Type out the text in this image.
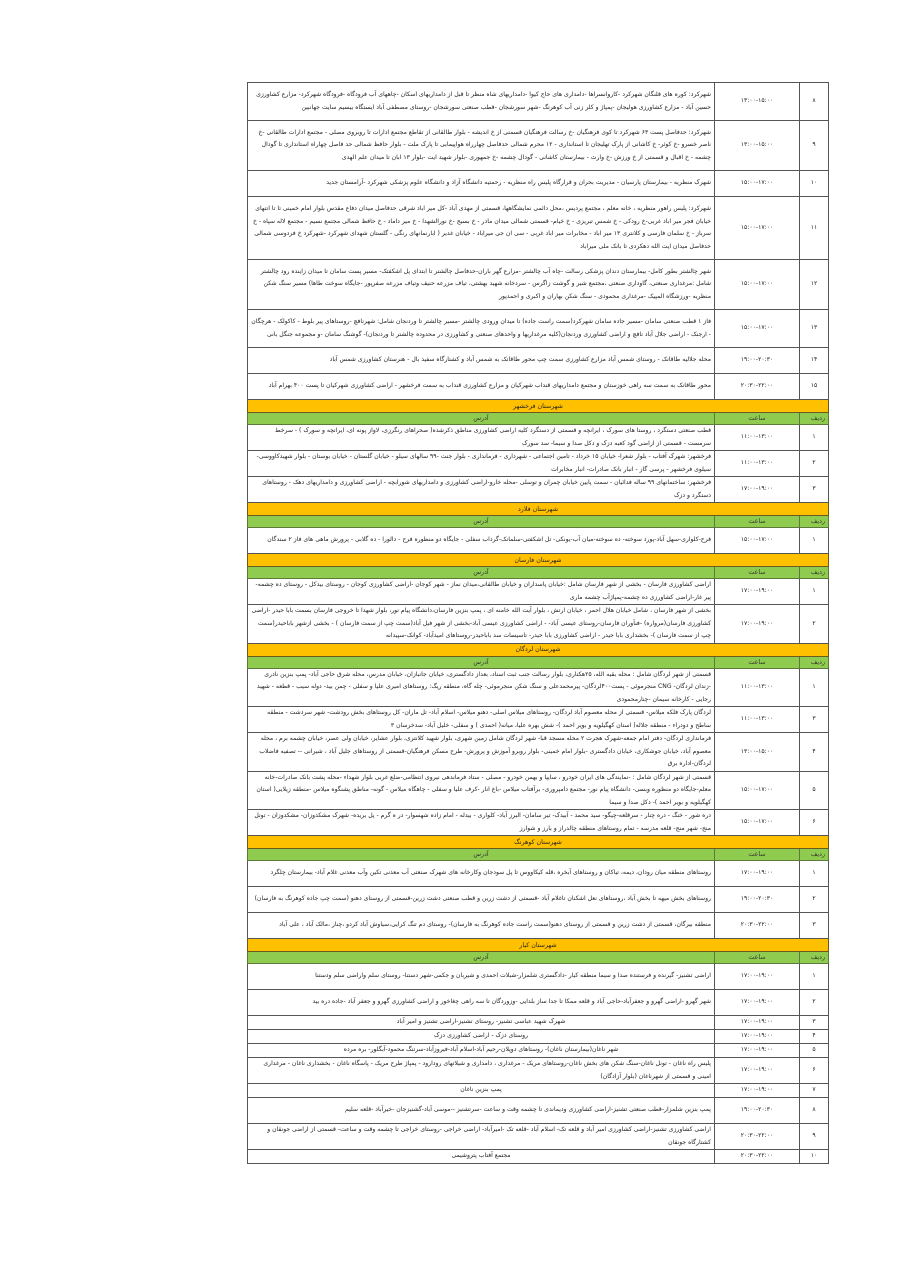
۸	۱۳:۰۰-۱۵:۰۰	شهرکرد: کوره های قلنگان شهرکرد -کاروانسراها -دامداری های حاج کیوا -دامداریهای شاه منظر تا قبل از دامداریهای اسکان -چاههای آب فرودگاه -فرودگاه شهرکرد- مزارع کشاورزی حسین آباد - مزارع کشاورزی هولیجان -پمپاژ و کلر زنی آب کوهرنگ -شهر سورشجان -قطب صنعتی سورشجان -روستای مصطفی آباد ایستگاه بیسیم سایت جهانبین
۹	۱۳:۰۰-۱۵:۰۰	شهرکرد: حدفاصل پست ۶۳ شهرکرد تا کوی فرهنگیان -خ رسالت فرهنگیان قسمتی از خ اندیشه - بلوار طالقانی از تقاطع مجتمع ادارات تا روبروی مصلی - مجتمع ادارات طالقانی -خ ناصر خسرو -خ کوثر- خ کاشانی از پارک تهلیجان تا استانداری - ۱۲ محرم شمالی حدفاصل چهارراه هواپیمایی تا پارک ملت - بلوار حافظ شمالی حد فاصل چهاراه استانداری تا گودال چشمه - خ اقبال و قسمتی از خ ورزش -خ وارث - بیمارستان کاشانی - گودال چشمه -خ جمهوری -بلوار شهید ایت -بلوار ۱۳ ابان تا میدان علم الهدی
۱۰	۱۵:۰۰-۱۷:۰۰	شهرک منظریه - بیمارستان پارسیان - مدیریت بحران و قرارگاه پلیس راه منظریه - رحمتیه دانشگاه آزاد و دانشگاه علوم پزشکی شهرکرد -آرامستان جدید
۱۱	۱۵:۰۰-۱۷:۰۰	شهرکرد: پلیس راهور منظریه ، خانه معلم ، مجتمع پردیس ،محل دائمی نمایشگاهها، قسمتی از مهدی آباد -کل میر اباد شرقی حدفاصل میدان دفاع مقدس بلوار امام خمینی تا تا انتهای خیابان فجر میر اباد غربی-خ رودکی - خ شمس تبریزی - خ خیام- قسمتی شمالی میدان مادر - خ بسیج -خ نورالشهدا - خ میر داماد - خ حافظ شمالی مجتمع نسیم - مجتمع لاله سپاه - خ سرباز - خ سلمان فارسی و کلانتری ۱۳ میر اباد - مخابرات میر اباد غربی - سی ان جی میراباد - خیابان غدیر ( ابارنمانهای رنگی - گلستان شهدای شهرکرد -شهرکرد خ فردوسی شمالی حدفاصل میدان ایت الله دهکردی تا بانک ملی میراباد
۱۲	۱۵:۰۰-۱۷:۰۰	شهر چالشتر بطور کامل- بیمارستان دندان پزشکی رسالت -چاه آب چالشتر -مزارع گهر باران-حدفاصل چالشتر تا ابتدای پل اشکفتک- مسیر پست سامان تا میدان زاینده رود چالشتر شامل :مرغداری صنعتی، گاوداری صنعتی ،مجتمع شیر و گوشت زاگرس - سردخانه شهید بهشتی، تیاف مزرعه حنیف وتیاف مزرعه صفرپور -جایگاه سوخت طاها) مسیر سنگ شکن منظریه -ورزشگاه المپیک -مرغداری محمودی - سنگ شکن بهاران و اکبری و احمدپور
۱۳	۱۵:۰۰-۱۷:۰۰	فاز ۱ قطب صنعتی سامان -مسیر جاده سامان شهرکرد(سمت راست جاده) تا میدان ورودی چالشتر -مسیر چالشتر تا وردنجان شامل: شهرنافچ -روستاهای پیر بلوط - کاکولک - هرچگان - ارجنک - اراضی جلال آباد نافچ و اراضی کشاورزی وردنجان(کلیه مرغداریها و واحدهای صنعتی و کشاورزی در محدوده چالشتر تا وردنجان)- گوشنگ سامان -و مجموعه جنگل بانی
۱۴	۱۹:۰۰-۲۰:۳۰	محله جلالیه طاقانک - روستای شمس آباد مزارع کشاورزی سمت چپ محور طاقانک به شمس آباد و کشتارگاه سفید بال - هنرستان کشاورزی شمس آباد
۱۵	۲۰:۳۰-۲۲:۰۰	محور طاقانک به سمت سه راهی خوزستان و مجتمع دامداریهای قنداب شهرکیان و مزارع کشاورزی قنداب به سمت فرخشهر - اراضی کشاورزی شهرکیان تا پست ۴۰۰ بهرام آباد
شهرستان فرخشهر		
ردیف	ساعت	آدرس
۱	۱۱:۰۰-۱۳:۰۰	قطب صنعتی دستگرد ، روستا های سورک ، ایرانچه و قسمتی از دستگرد کلیه اراضی کشاورزی مناطق ذکرشده( صحراهای رنگرزی، لاواز پونه ای، ایرانچه و سورک ) - سرخط سرمست - قسمتی از اراضی گود کعبه دزک و دکل صدا و سیما- سد سورک
۲	۱۱:۰۰-۱۳:۰۰	فرخشهر: شهرک آفتاب - بلوار شعرا- خیابان ۱۵ خرداد - تامین اجتماعی - شهرداری - فرمانداری - بلوار جنت -۹۹ سالهای سیلو - خیابان گلستان - خیابان بوستان - بلوار شهیدکاووسی- سیلوی فرخشهر - پرسی گاز - انبار بانک صادرات- انبار مخابرات
۳	۱۷:۰۰-۱۹:۰۰	فرخشهر: ساختمانهای ۹۹ ساله فدائیان - سمت پایین خیابان چمران و توسلی -محله خارو-اراضی کشاورزی و دامداریهای شورابچه - اراضی کشاورزی و دامداریهای دهک - روستاهای دستگرد و دزک
شهرستان فلارد		
ردیف	ساعت	آدرس
۱	۱۵:۰۰-۱۷:۰۰	فرح-کلواری-سهل آباد-پورد سوخته- ده سوخته-میان آب-یونکی- تل اشکفتی-سلمانک-گرداب سفلی - جایگاه دو منظوره فرح - دالورا - ده گلابی - پرورش ماهی های فاز ۲ سندگان
شهرستان فارسان		
ردیف	ساعت	آدرس
۱	۱۷:۰۰-۱۹:۰۰	اراضی کشاورزی فارسان - بخشی از شهر فارسان شامل :خیابان پاسداران و خیابان طالقانی،میدان نماز - شهر کوجان -اراضی کشاورزی کوجان - روستای بیدکل - روستای ده چشمه- پیر غار-اراضی کشاورزی ده چشمه-پمپاژآب چشمه ماری
۲	۱۷:۰۰-۱۹:۰۰	بخشی از شهر فارسان ، شامل خیابان هلال احمر ، خیابان ارتش ، بلوار آیت الله خامنه ای ، پمپ بنزین فارسان،دانشگاه پیام نور، بلوار شهدا تا خروجی فارسان بسمت بابا حیدر -اراضی کشاورزی فارسان(مرواره) -فنآوران فارسان-روستای عیسی آباد- - اراضی کشاورزی عیسی آباد-بخشی از شهر فیل آباد(سمت چپ از سمت فارسان ) - بخشی ازشهر باباحیدر(سمت چپ از سمت فارسان )- بخشداری بابا حیدر - اراضی کشاورزی بابا حیدر- تاسیسات سد باباحیدر-روستاهای امیدآباد- کوانک-سپیدانه
شهرستان لردگان		
ردیف	ساعت	آدرس
۱	۱۱:۰۰-۱۳:۰۰	قسمتی از شهر لردگان شامل : محله بقیه الله، ۲۵هکتاری، بلوار رسالت جنب ثبت اسناد، بعداز دادگستری، خیابان جانبازان، خیابان مدرس، محله شرق حاجی آباد- پمپ بنزین نادری -زندان لردگان- CNG منجرموئی - پست۴۰۰لردگان- پیرمحمدعلی و سنگ شکن منجرموئی- چله گاه، منطقه ریگ: روستاهای امیری علیا و سفلی - چمن بید- دوله سیب - قطعه - شهید رجایی - کارخانه سیمان -چنارمحمودی
۳	۱۱:۰۰-۱۳:۰۰	لردگان پارک فلکه میلاس- قسمتی از محله معصوم آباد لردگان- روستاهای میلاس اصلی- دهنو میلاس- اسلام آباد- تل ماران- کل روستاهای بخش رودشت- شهر سردشت - منطقه ساطح و دودراء - منطقه جلاله( استان کهگیلویه و بویر احمد )- شش بهره علیا، میانه( احمدی ) و سفلی- خلیل آباد- سدخرسان ۳
۴	۱۳:۰۰-۱۵:۰۰	فرمانداری لردگان- دفتر امام جمعه-شهرک هجرت ۲ محله مسجد قبا- شهر لردگان شامل زمین شهری، بلوار شهید کلانتری، بلوار عشایر، خیابان ولی عصر، خیابان چشمه برم ، محله معصوم آباد، خیابان جوشکاری، خیابان دادگستری -بلوار امام خمینی- بلوار روبرو آموزش و پرورش- طرح مسکن فرهنگیان-قسمتی از روستاهای جلیل آباد ، شیرانی -- تصفیه فاضلاب لردگان-اداره برق
۵	۱۵:۰۰-۱۷:۰۰	قسمتی از شهر لردگان شامل : -نمایندگی های ایران خودرو ، سایپا و بهمن خودرو - مصلی - ستاد فرماندهی نیروی انتظامی-ضلع غربی بلوار شهداء -محله پشت بانک صادرات-خانه معلم-جایگاه دو منظوره وبسی- دانشگاه پیام نور- مجتمع دامپروری- برآفتاب میلاس -باغ انار -کرف علیا و سفلی - چاهگاه میلاس - گونه- مناطق پشنگوه میلاس -منطقه زیلایی( استان کهگیلویه و بویر احمد )- دکل صدا و سیما
۶	۱۵:۰۰-۱۷:۰۰	دره شور - خنگ - دره چنار - سرقلعه-چیگو- سید محمد - آبیدک- تیر سامان- البرز آباد- کلواری - بیدله - امام زاده شهسوار- در ه گرم - پل بریده- شهرک مشکدوزان- مشکدوزان - تونل منج- شهر منج- قلعه مدرسه - تمام روستاهای منطقه چالدراز و بارز و شوارز
شهرستان کوهرنگ		
ردیف	ساعت	آدرس
۱	۱۷:۰۰-۱۹:۰۰	روستاهای منطقه میان رودان، دیمه، تیاکان و روستاهای آبخره ،قله کیکاووس تا پل سودجان وکارخانه های شهرک صنعتی آب معدنی تکین وآب معدنی غلام آباد- بیمارستان چلگرد
۲	۱۹:۰۰-۲۰:۳۰	روستاهای بخش میهه تا بخش آباد ،روستاهای نعل اشکنان تاغلام آباد -قسمتی از دشت زرین و قطب صنعتی دشت زرین-قسمتی از روستای دهنو (سمت چپ جاده کوهرنگ به فارسان)
۳	۲۰:۳۰-۲۲:۰۰	منطقه بیرگان، قسمتی از دشت زرین و قسمتی از روستای دهنو(سمت راست جاده کوهرنگ به فارسان)- روستای دم تنگ کرایی،سیاوش آباد کردو ،چنار ،مالک آباد ، علی آباد
شهرستان کیار		
ردیف	ساعت	آدرس
۱	۱۷:۰۰-۱۹:۰۰	اراضی تشنیز- گیرنده و فرستنده صدا و سیما منطقه کیار -دادگستری شلمزار-شبلات احمدی و شیربان و جکمی-شهر دستنا- روستای سلم واراضی سلم ودستنا
۲	۱۷:۰۰-۱۹:۰۰	شهر گهرو -اراضی گهرو و جعفرآباد-حاجی آباد و قلعه ممکا تا جدا ساز بلدایی -وزوردگان تا سه راهی چغاخور و اراضی کشاورزی گهرو و جعفر آباد -جاده دره بید
۳	۱۷:۰۰-۱۹:۰۰	شهرک شهید عباسی تشنیز- روستای تشنیز-اراضی تشنیز و امیر آباد
۴	۱۷:۰۰-۱۹:۰۰	روستای دزک - اراضی کشاورزی دزک
۵	۱۷:۰۰-۱۹:۰۰	شهر ناغان(بیمارستان ناغان)- روستاهای دوپلان-رحیم آباد-اسلام آباد-فیروزآباد-سرتنگ محمود-آبگلور- بره مرده
۶	۱۷:۰۰-۱۹:۰۰	پلیس راه ناغان - تونل ناغان-سنگ شکن های بخش ناغان-روستاهای مریک - مرغداری ، دامداری و شیلاتهای رودارود - پمپاژ طرح مریک - پاسگاه ناغان - بخشداری ناغان - مرغداری امینی و قسمتی از شهرناغان (بلوار آزادگان)
۷	۱۷:۰۰-۱۹:۰۰	پمپ بنزین ناغان
۸	۱۹:۰۰-۲۰:۳۰	پمپ بنزین شلمزار-قطب صنعتی تشنیز-اراضی کشاورزی ودیماندی تا چشمه وقت و ساعت -سرتشنیز --موسی آباد-گشنیزجان -خیرآباد -قلعه سلیم
۹	۲۰:۳۰-۲۲:۰۰	اراضی کشاورزی تشنیز-اراضی کشاورزی امیر آباد و قلعه تک- اسلام آباد -قلعه تک -امیرآباد- اراضی خراجی -روستای خراجی تا چشمه وقت و ساعت- قسمتی از اراضی جونقان و کشتارگاه جونقان
۱۰	۲۰:۳۰-۲۲:۰۰	مجتمع آفتاب پتروشیمی
